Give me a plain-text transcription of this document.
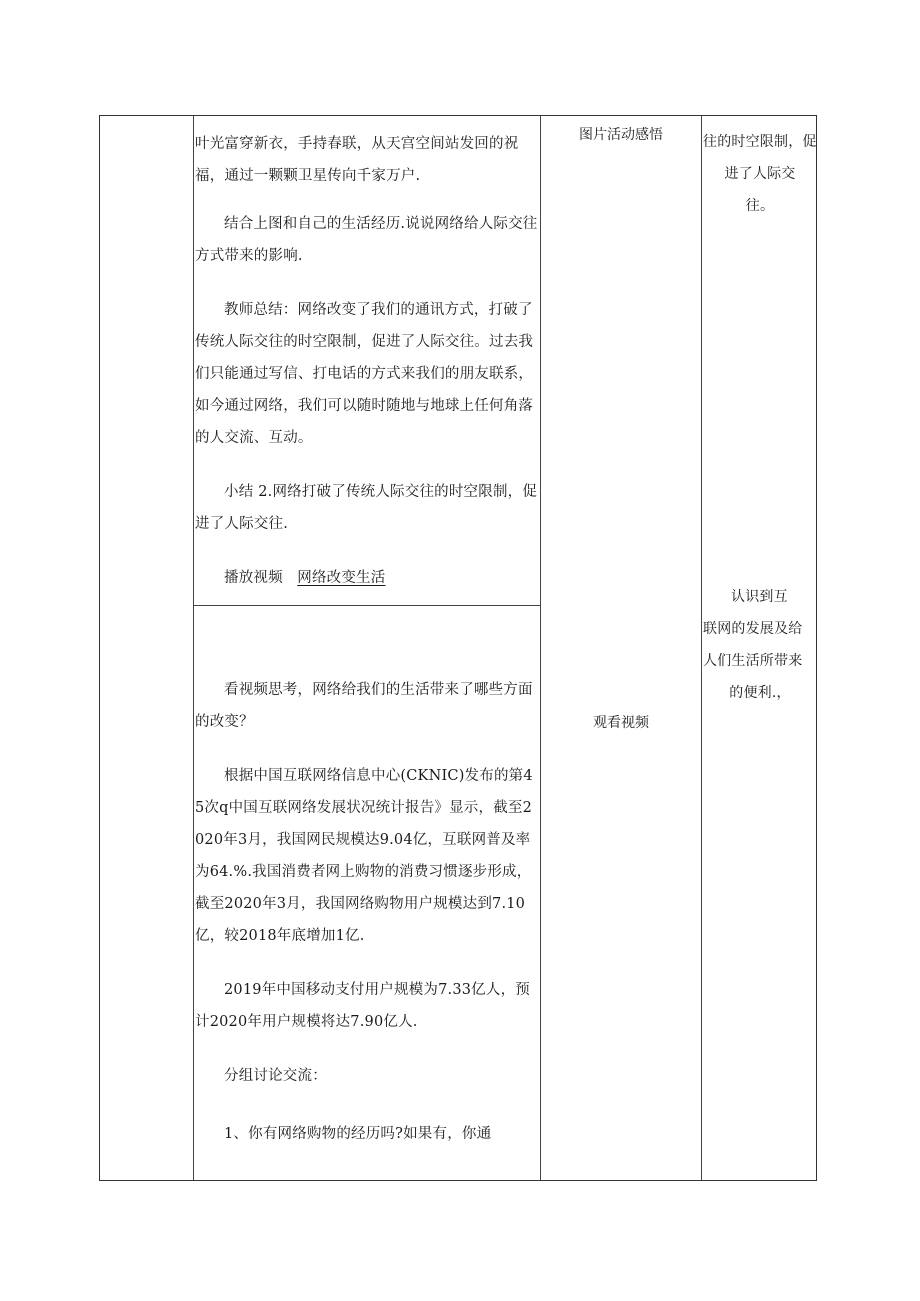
叶光富穿新衣，手持春联，从天宫空间站发回的祝福，通过一颗颗卫星传向千家万户.

结合上图和自己的生活经历.说说网络给人际交往方式带来的影响.

教师总结：网络改变了我们的通讯方式，打破了传统人际交往的时空限制，促进了人际交往。过去我们只能通过写信、打电话的方式来我们的朋友联系，如今通过网络，我们可以随时随地与地球上任何角落的人交流、互动。

小结 2.网络打破了传统人际交往的时空限制，促进了人际交往.

播放视频 网络改变生活

图片活动感悟	往的时空限制，促

进了人际交

往。

看视频思考，网络给我们的生活带来了哪些方面的改变？

根据中国互联网络信息中心(CKNIC)发布的第45次q中国互联网络发展状况统计报告》显示，截至2020年3月，我国网民规模达9.04亿，互联网普及率为64.%.我国消费者网上购物的消费习惯逐步形成，截至2020年3月，我国网络购物用户规模达到7.10亿，较2018年底增加1亿.

2019年中国移动支付用户规模为7.33亿人，预计2020年用户规模将达7.90亿人.

分组讨论交流：

1、你有网络购物的经历吗?如果有，你通

观看视频

认识到互

联网的发展及给

人们生活所带来

的便利.，
